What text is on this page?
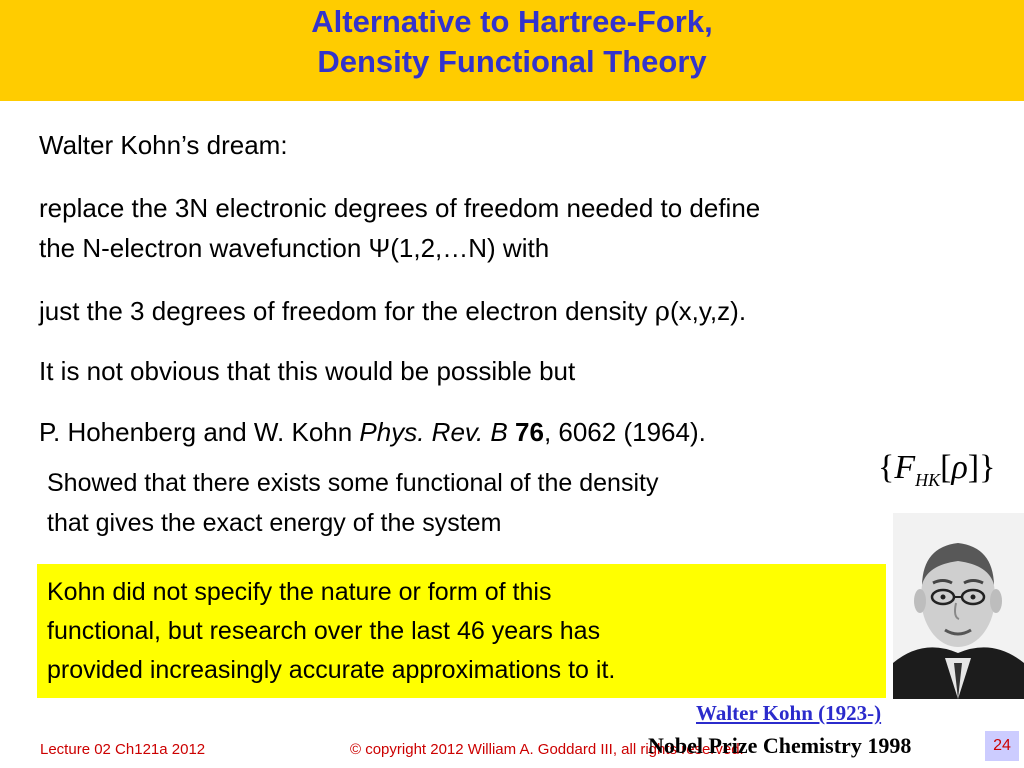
Alternative to Hartree-Fork,
Density Functional Theory
Walter Kohn’s dream:
replace the 3N electronic degrees of freedom needed to define
the N-electron wavefunction Ψ(1,2,…N) with
just the 3 degrees of freedom for the electron density ρ(x,y,z).
It is not obvious that this would be possible but
P. Hohenberg and W. Kohn Phys. Rev. B 76, 6062 (1964).
Showed that there exists some functional of the density
that gives the exact energy of the system
$\{F_{HK}[\rho]\}$
Kohn did not specify the nature or form of this
functional, but research over the last 46 years has
provided increasingly accurate approximations to it.
Walter Kohn (1923-)
Lecture 02 Ch121a 2012	© copyright 2012 William A. Goddard III, all rights reserved.
Nobel Prize Chemistry 1998	24
